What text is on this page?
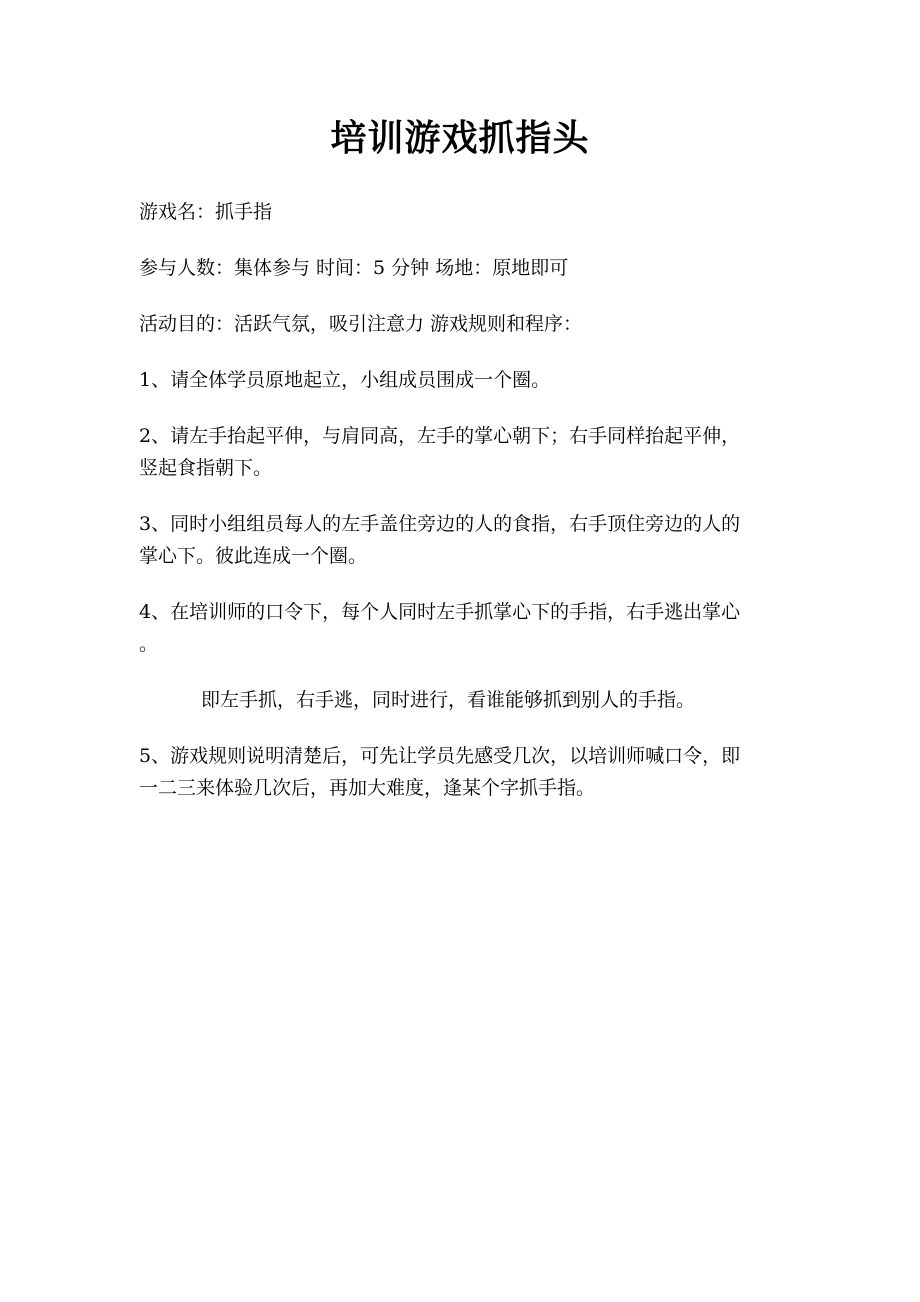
培训游戏抓指头

游戏名：抓手指

参与人数：集体参与 时间：5 分钟 场地：原地即可

活动目的：活跃气氛，吸引注意力 游戏规则和程序：

1、请全体学员原地起立，小组成员围成一个圈。

2、请左手抬起平伸，与肩同高，左手的掌心朝下；右手同样抬起平伸，
竖起食指朝下。

3、同时小组组员每人的左手盖住旁边的人的食指，右手顶住旁边的人的
掌心下。彼此连成一个圈。

4、在培训师的口令下，每个人同时左手抓掌心下的手指，右手逃出掌心
。

即左手抓，右手逃，同时进行，看谁能够抓到别人的手指。

5、游戏规则说明清楚后，可先让学员先感受几次，以培训师喊口令，即
一二三来体验几次后，再加大难度，逢某个字抓手指。
